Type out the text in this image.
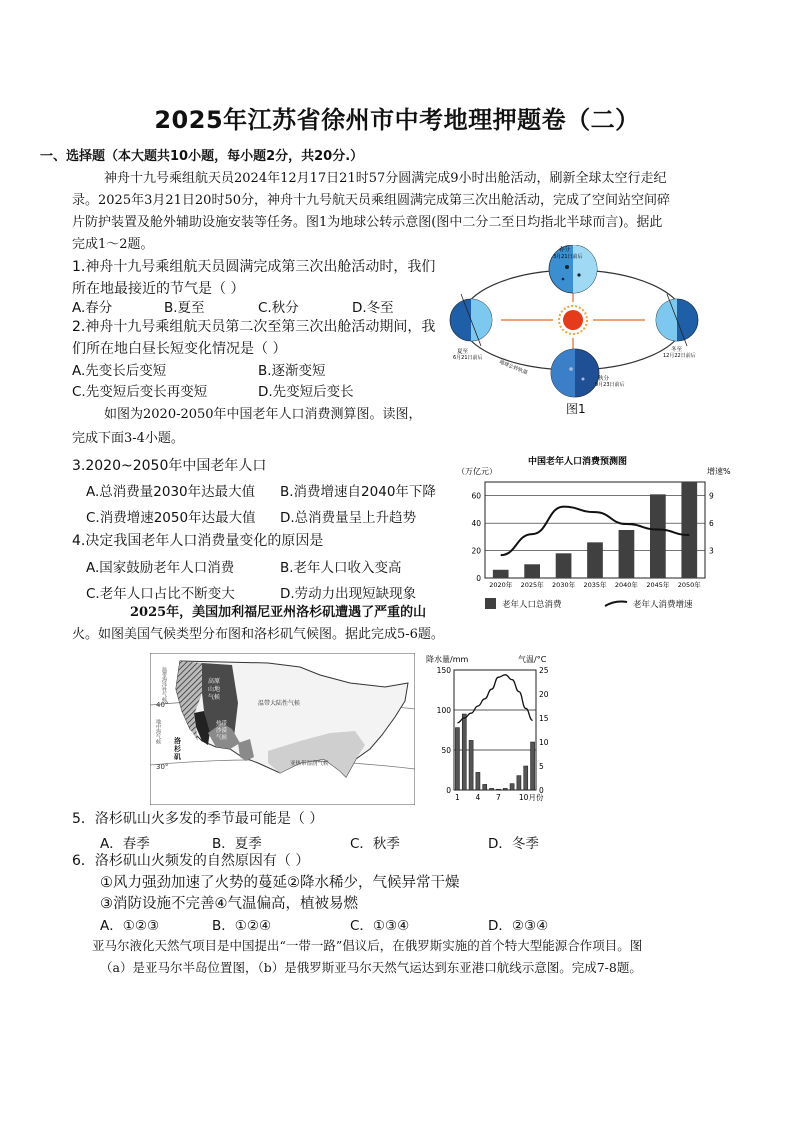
2025年江苏省徐州市中考地理押题卷（二）
一、选择题（本大题共10小题，每小题2分，共20分.）
神舟十九号乘组航天员2024年12月17日21时57分圆满完成9小时出舱活动，刷新全球太空行走纪
录。2025年3月21日20时50分，神舟十九号航天员乘组圆满完成第三次出舱活动，完成了空间站空间碎
片防护装置及舱外辅助设施安装等任务。图1为地球公转示意图(图中二分二至日均指北半球而言)。据此
完成1～2题。
1.神舟十九号乘组航天员圆满完成第三次出舱活动时，我们
所在地最接近的节气是（ ）
A.春分	B.夏至	C.秋分	D.冬至
2.神舟十九号乘组航天员第二次至第三次出舱活动期间，我
们所在地白昼长短变化情况是（ ）
A.先变长后变短	B.逐渐变短
C.先变短后变长再变短	D.先变短后变长
春分
3月21日前后
夏至
6月21日前后
冬至
12月22日前后
秋分
9月23日前后
地球公转轨道
图1
如图为2020-2050年中国老年人口消费测算图。读图，
完成下面3-4小题。
3.2020~2050年中国老年人口
A.总消费量2030年达最大值 B.消费增速自2040年下降
C.消费增速2050年达最大值 D.总消费量呈上升趋势
4.决定我国老年人口消费量变化的原因是
A.国家鼓励老年人口消费	B.老年人口收入变高
C.老年人口占比不断变大	D.劳动力出现短缺现象
中国老年人口消费预测图
（万亿元）	增速%
0
20
40
60
3
6
9
2020年 2025年 2030年 2035年 2040年 2045年 2050年
老年人口总消费	老年人消费增速
2025年，美国加利福尼亚州洛杉矶遭遇了严重的山
火。如图美国气候类型分布图和洛杉矶气候图。据此完成5-6题。
40°
30°
温带海洋性气候
地中海气候
高原
山地
气候
温带大陆性气候
热带
沙漠
气候
亚热带湿润气候
洛
杉
矶
降水量/mm	气温/°C
150
100
50
0
25
20
15
10
5
0
1 4 7 10月份
5．洛杉矶山火多发的季节最可能是（ ）
A．春季	B．夏季	C．秋季	D．冬季
6．洛杉矶山火频发的自然原因有（ ）
①风力强劲加速了火势的蔓延②降水稀少，气候异常干燥
③消防设施不完善④气温偏高，植被易燃
A．①②③	B．①②④	C．①③④	D．②③④
亚马尔液化天然气项目是中国提出“一带一路”倡议后，在俄罗斯实施的首个特大型能源合作项目。图
（a）是亚马尔半岛位置图，（b）是俄罗斯亚马尔天然气运达到东亚港口航线示意图。完成7-8题。
